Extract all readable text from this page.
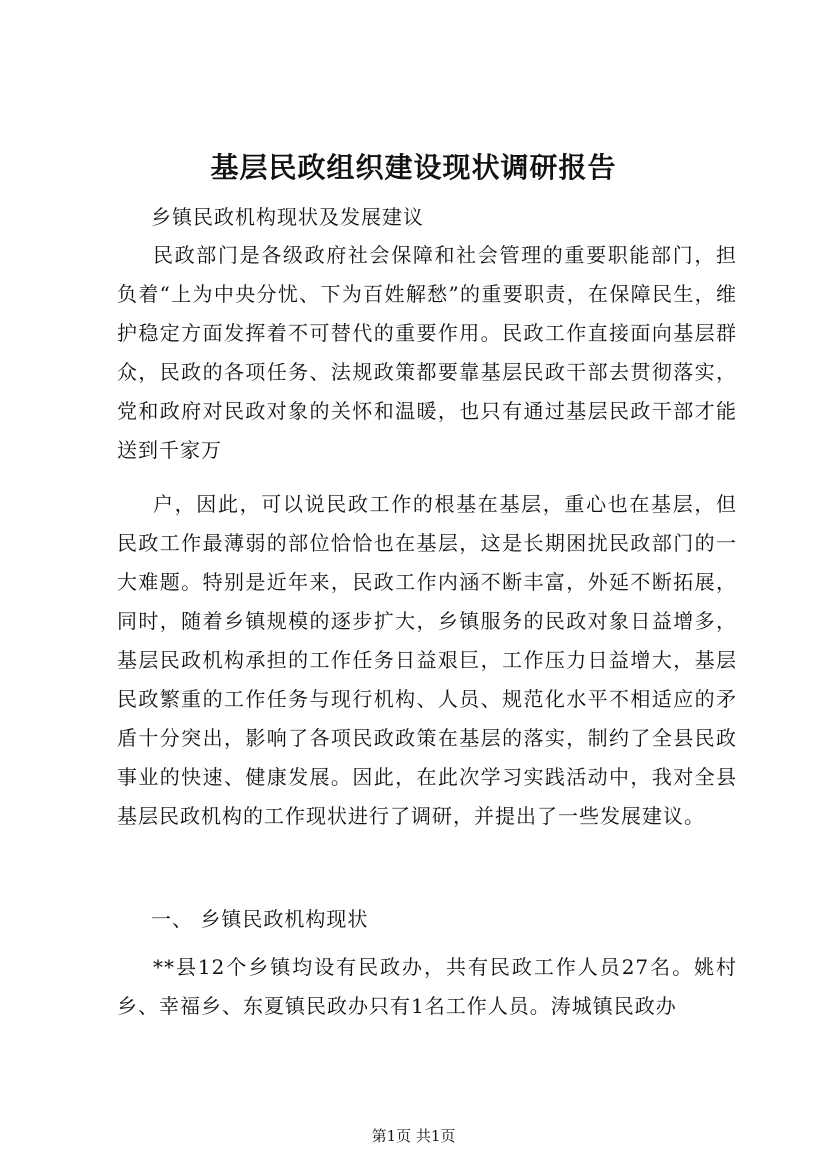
基层民政组织建设现状调研报告
乡镇民政机构现状及发展建议
民政部门是各级政府社会保障和社会管理的重要职能部门，担负着“上为中央分忧、下为百姓解愁”的重要职责，在保障民生，维护稳定方面发挥着不可替代的重要作用。民政工作直接面向基层群众，民政的各项任务、法规政策都要靠基层民政干部去贯彻落实，党和政府对民政对象的关怀和温暖，也只有通过基层民政干部才能送到千家万
户，因此，可以说民政工作的根基在基层，重心也在基层，但民政工作最薄弱的部位恰恰也在基层，这是长期困扰民政部门的一大难题。特别是近年来，民政工作内涵不断丰富，外延不断拓展，同时，随着乡镇规模的逐步扩大，乡镇服务的民政对象日益增多，基层民政机构承担的工作任务日益艰巨，工作压力日益增大，基层民政繁重的工作任务与现行机构、人员、规范化水平不相适应的矛盾十分突出，影响了各项民政政策在基层的落实，制约了全县民政事业的快速、健康发展。因此，在此次学习实践活动中，我对全县基层民政机构的工作现状进行了调研，并提出了一些发展建议。
一、 乡镇民政机构现状
**县12个乡镇均设有民政办，共有民政工作人员27名。姚村乡、幸福乡、东夏镇民政办只有1名工作人员。涛城镇民政办
第1页 共1页
